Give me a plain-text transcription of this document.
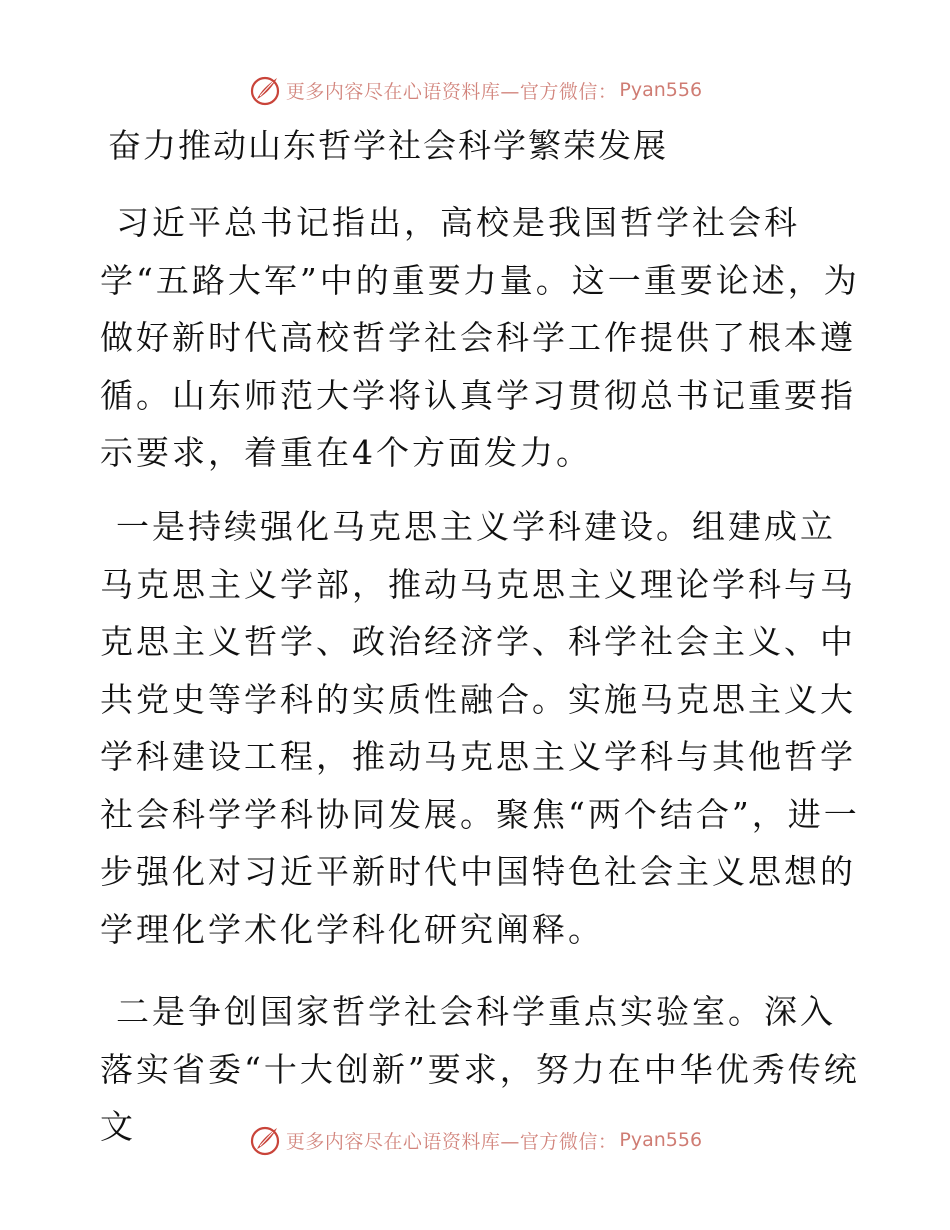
更多内容尽在心语资料库—官方微信： Pyan556
奋力推动山东哲学社会科学繁荣发展

习近平总书记指出，高校是我国哲学社会科学“五路大军”中的重要力量。这一重要论述，为做好新时代高校哲学社会科学工作提供了根本遵循。山东师范大学将认真学习贯彻总书记重要指示要求，着重在4个方面发力。

一是持续强化马克思主义学科建设。组建成立马克思主义学部，推动马克思主义理论学科与马克思主义哲学、政治经济学、科学社会主义、中共党史等学科的实质性融合。实施马克思主义大学科建设工程，推动马克思主义学科与其他哲学社会科学学科协同发展。聚焦“两个结合”，进一步强化对习近平新时代中国特色社会主义思想的学理化学术化学科化研究阐释。

二是争创国家哲学社会科学重点实验室。深入落实省委“十大创新”要求，努力在中华优秀传统文	更多内容尽在心语资料库—官方微信： Pyan556
